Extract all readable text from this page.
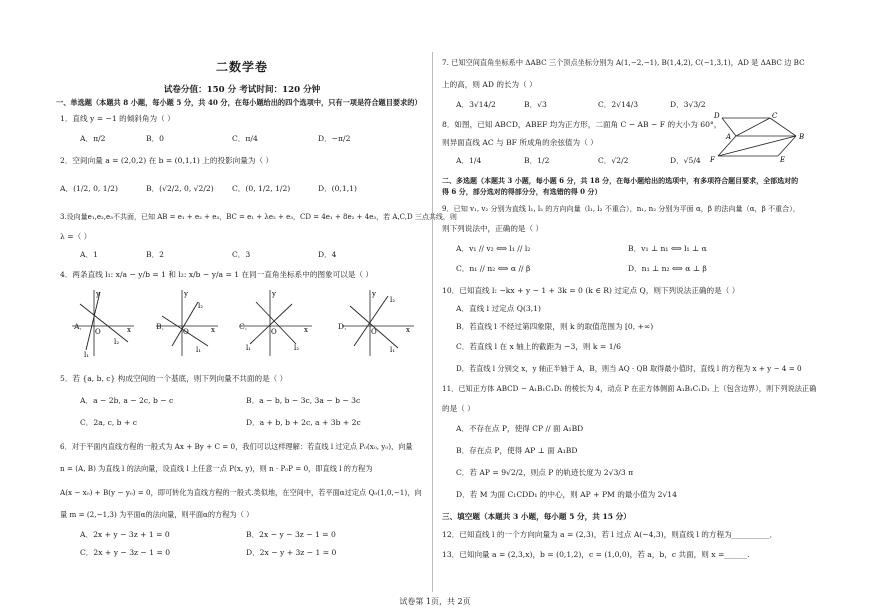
二数学卷
试卷分值：150 分 考试时间：120 分钟
一、单选题（本题共 8 小题，每小题 5 分，共 40 分，在每小题给出的四个选项中，只有一项是符合题目要求的）
1．直线 y = −1 的倾斜角为（ ）
A．π/2	B．0	C．π/4	D．−π/2
2．空间向量 a = (2,0,2) 在 b = (0,1,1) 上的投影向量为（ ）
A．(1/2, 0, 1/2)	B．(√2/2, 0, √2/2) C．(0, 1/2, 1/2)	D．(0,1,1)
3.设向量e₁,e₂,e₃不共面，已知 AB = e₁ + e₂ + e₃，BC = e₁ + λe₂ + e₃，CD = 4e₁ + 8e₂ + 4e₃，若 A,C,D 三点共线，则
λ =（ ）
A．1	B．2	C．3	D．4
4．两条直线 l₁: x/a − y/b = 1 和 l₂: x/b − y/a = 1 在同一直角坐标系中的图象可以是（ ）
A．	B．	C．	D．
y
x
O
l₂
l₁
y
x
O
l₂
l₁
y
x
O
l₂
l₁
y
x
O
l₂
l₁
5．若 {a, b, c} 构成空间的一个基底，则下列向量不共面的是（ ）
A．a − 2b, a − 2c, b − c	B．a − b, b − 3c, 3a − b − 3c
C．2a, c, b + c	D．a + b, b + 2c, a + 3b + 2c
6．对于平面内直线方程的一般式为 Ax + By + C = 0，我们可以这样理解：若直线 l 过定点 P₀(x₀, y₀)，向量
n = (A, B) 为直线 l 的法向量，设直线 l 上任意一点 P(x, y)，则 n · P₀P = 0，即直线 l 的方程为
A(x − x₀) + B(y − y₀) = 0，即可转化为直线方程的一般式.类似地，在空间中，若平面α过定点 Q₀(1,0,−1)，向
量 m = (2,−1,3) 为平面α的法向量，则平面α的方程为（ ）
A．2x + y − 3z + 1 = 0	B．2x − y − 3z − 1 = 0
C．2x + y − 3z − 1 = 0	D．2x − y + 3z − 1 = 0
7. 已知空间直角坐标系中 ΔABC 三个顶点坐标分别为 A(1,−2,−1), B(1,4,2), C(−1,3,1)，AD 是 ΔABC 边 BC
上的高，则 AD 的长为（ ）
A．3√14/2	B．√3	C．2√14/3	D．3√3/2
8．如图，已知 ABCD，ABEF 均为正方形，二面角 C − AB − F 的大小为 60°，
则异面直线 AC 与 BF 所成角的余弦值为（ ）
A．1/4	B．1/2	C．√2/2	D．√5/4
D	C
A	B
F	E
二、多选题（本题共 3 小题，每小题 6 分，共 18 分，在每小题给出的选项中，有多项符合题目要求，全部选对的
得 6 分，部分选对的得部分分，有选错的得 0 分）
9．已知 v₁, v₂ 分别为直线 l₁, l₂ 的方向向量（l₁, l₂ 不重合），n₁, n₂ 分别为平面 α，β 的法向量（α，β 不重合），
则下列说法中，正确的是（ ）
A．v₁ // v₂ ⟺ l₁ // l₂	B．v₁ ⊥ n₁ ⟺ l₁ ⊥ α
C．n₁ // n₂ ⟺ α // β	D．n₁ ⊥ n₂ ⟺ α ⊥ β
10．已知直线 l: −kx + y − 1 + 3k = 0 (k ∈ R) 过定点 Q，则下列说法正确的是（ ）
A．直线 l 过定点 Q(3,1)
B．若直线 l 不经过第四象限，则 k 的取值范围为 [0, +∞)
C．若直线 l 在 x 轴上的截距为 −3，则 k = 1/6
D．若直线 l 分别交 x，y 轴正半轴于 A，B，则当 AQ · QB 取得最小值时，直线 l 的方程为 x + y − 4 = 0
11．已知正方体 ABCD − A₁B₁C₁D₁ 的棱长为 4，动点 P 在正方体侧面 A₁B₁C₁D₁ 上（包含边界），则下列说法正确
的是（ ）
A．不存在点 P，使得 CP // 面 A₁BD
B．存在点 P，使得 AP ⊥ 面 A₁BD
C．若 AP = 9√2/2，则点 P 的轨迹长度为 2√3/3 π
D．若 M 为面 C₁CDD₁ 的中心，则 AP + PM 的最小值为 2√14
三、填空题（本题共 3 小题，每小题 5 分，共 15 分）
12．已知直线 l 的一个方向向量为 a = (2,3)，若 l 过点 A(−4,3)，则直线 l 的方程为__________．
13．已知向量 a = (2,3,x)，b = (0,1,2)，c = (1,0,0)，若 a，b，c 共面，则 x =______.
试卷第 1页，共 2页
